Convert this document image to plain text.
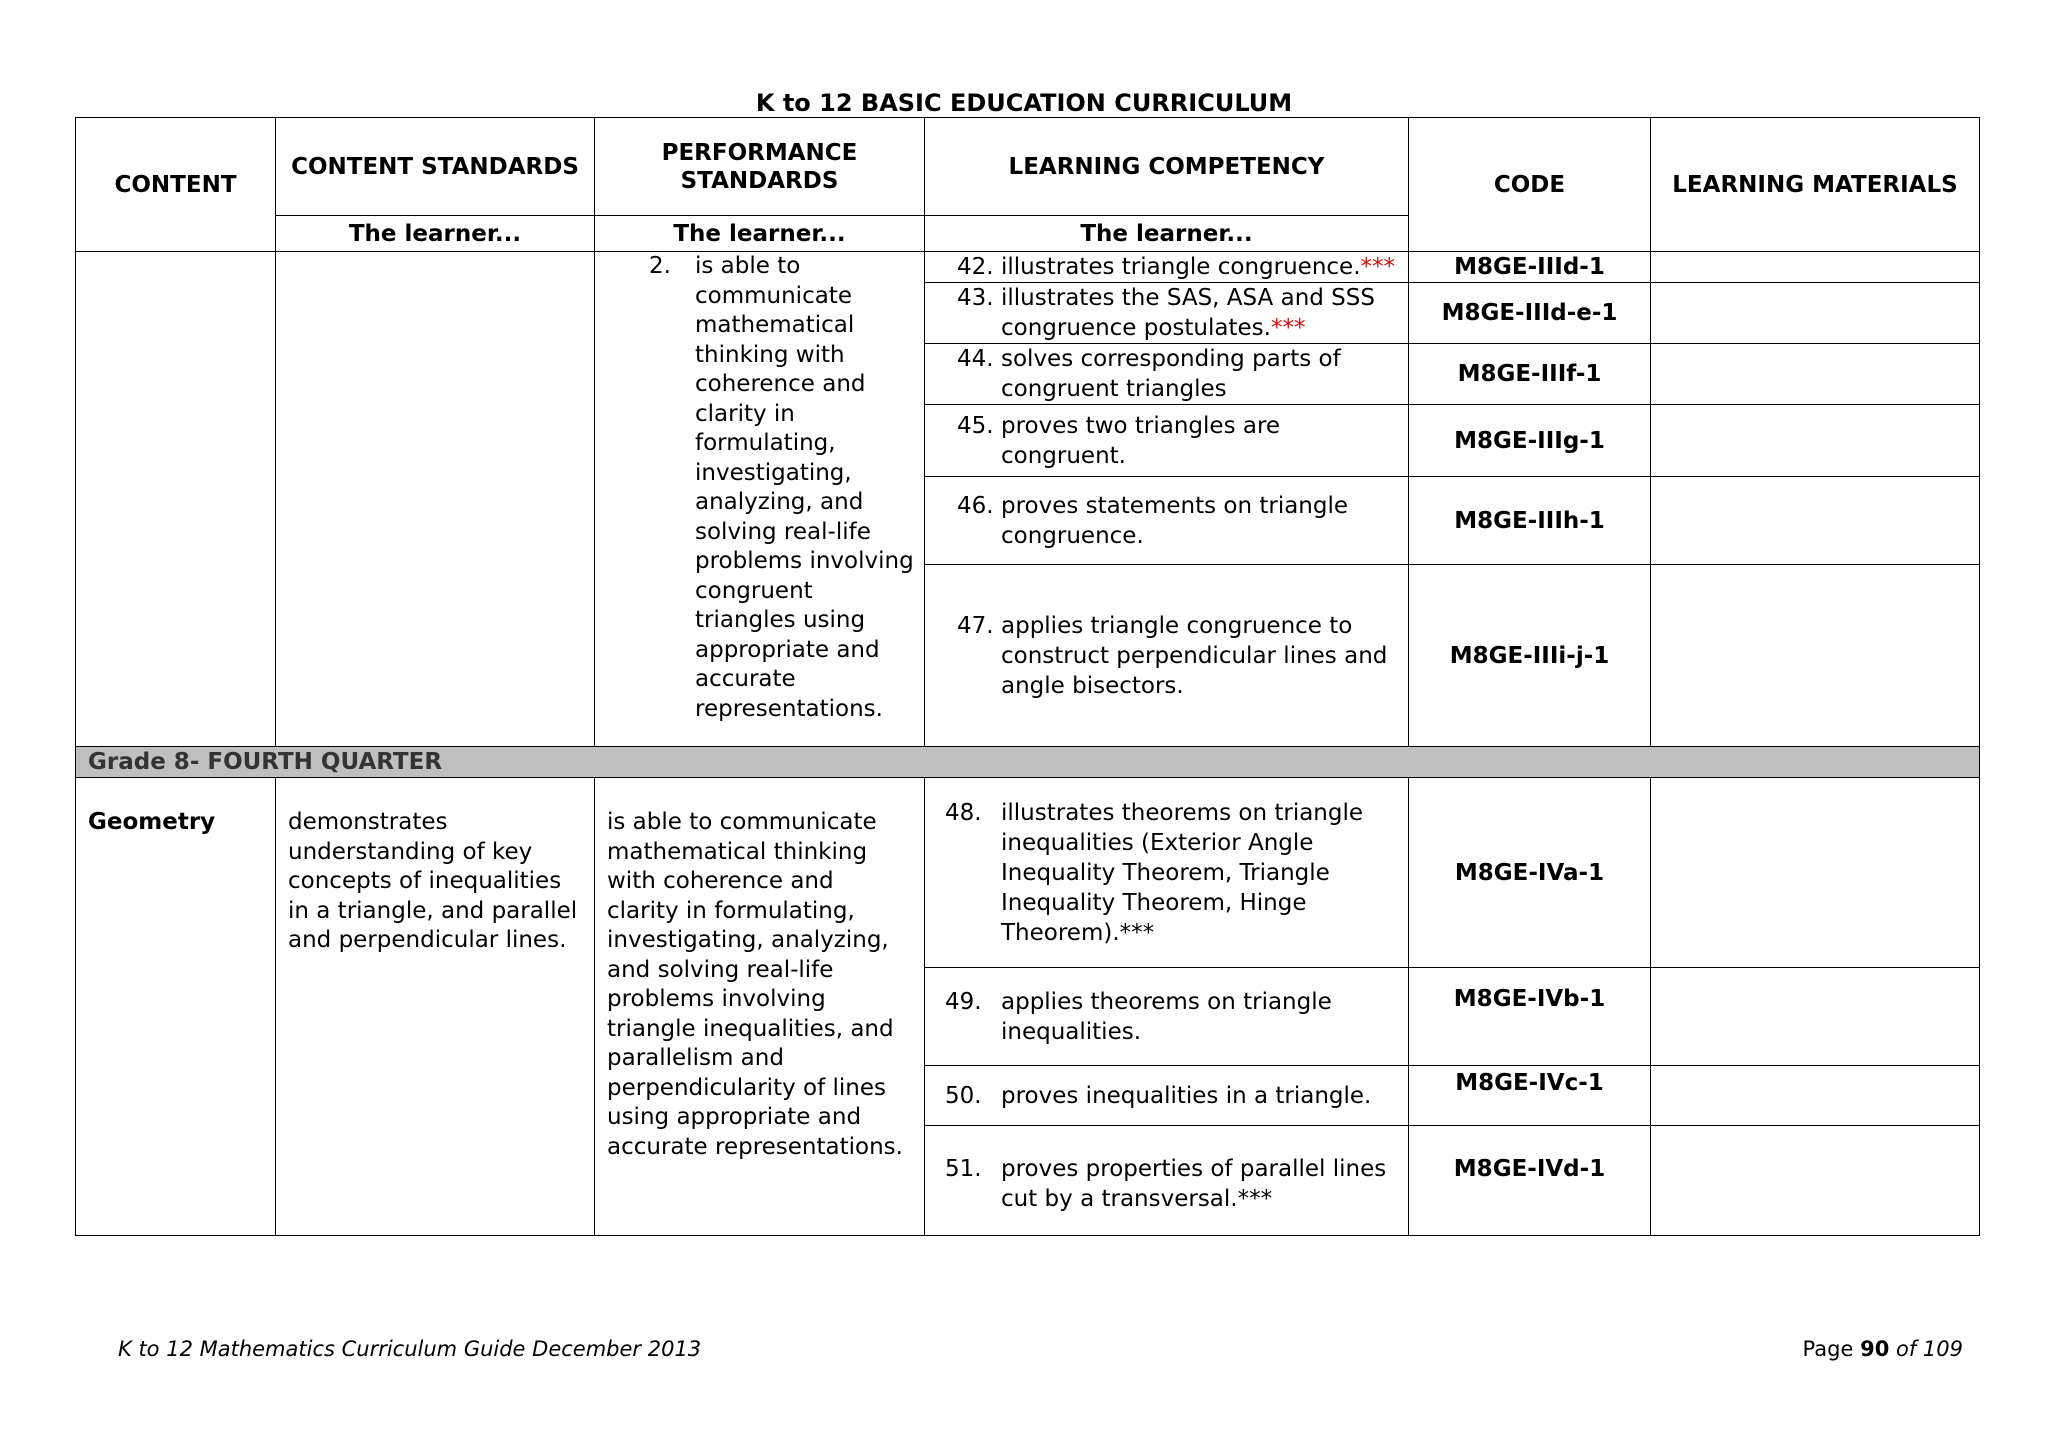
K to 12 BASIC EDUCATION CURRICULUM
CONTENT	CONTENT STANDARDS	PERFORMANCE STANDARDS	LEARNING COMPETENCY	CODE	LEARNING MATERIALS
	The learner...	The learner...	The learner...		

		2. is able to communicate mathematical thinking with coherence and clarity in formulating, investigating, analyzing, and solving real-life problems involving congruent triangles using appropriate and accurate representations.	42. illustrates triangle congruence.***	M8GE-IIId-1	

			43. illustrates the SAS, ASA and SSS congruence postulates.***	M8GE-IIId-e-1	

			44. solves corresponding parts of congruent triangles	M8GE-IIIf-1	

			45. proves two triangles are congruent.	M8GE-IIIg-1	

			46. proves statements on triangle congruence.	M8GE-IIIh-1	

			47. applies triangle congruence to construct perpendicular lines and angle bisectors.	M8GE-IIIi-j-1	
Grade 8- FOURTH QUARTER					

Geometry	demonstrates understanding of key concepts of inequalities in a triangle, and parallel and perpendicular lines.	is able to communicate mathematical thinking with coherence and clarity in formulating, investigating, analyzing, and solving real-life problems involving triangle inequalities, and parallelism and perpendicularity of lines using appropriate and accurate representations.	48. illustrates theorems on triangle inequalities (Exterior Angle Inequality Theorem, Triangle Inequality Theorem, Hinge Theorem).***	M8GE-IVa-1	

			49. applies theorems on triangle inequalities.	M8GE-IVb-1	

			50. proves inequalities in a triangle.	M8GE-IVc-1	

			51. proves properties of parallel lines cut by a transversal.***	M8GE-IVd-1	
K to 12 Mathematics Curriculum Guide December 2013	Page 90 of 109
